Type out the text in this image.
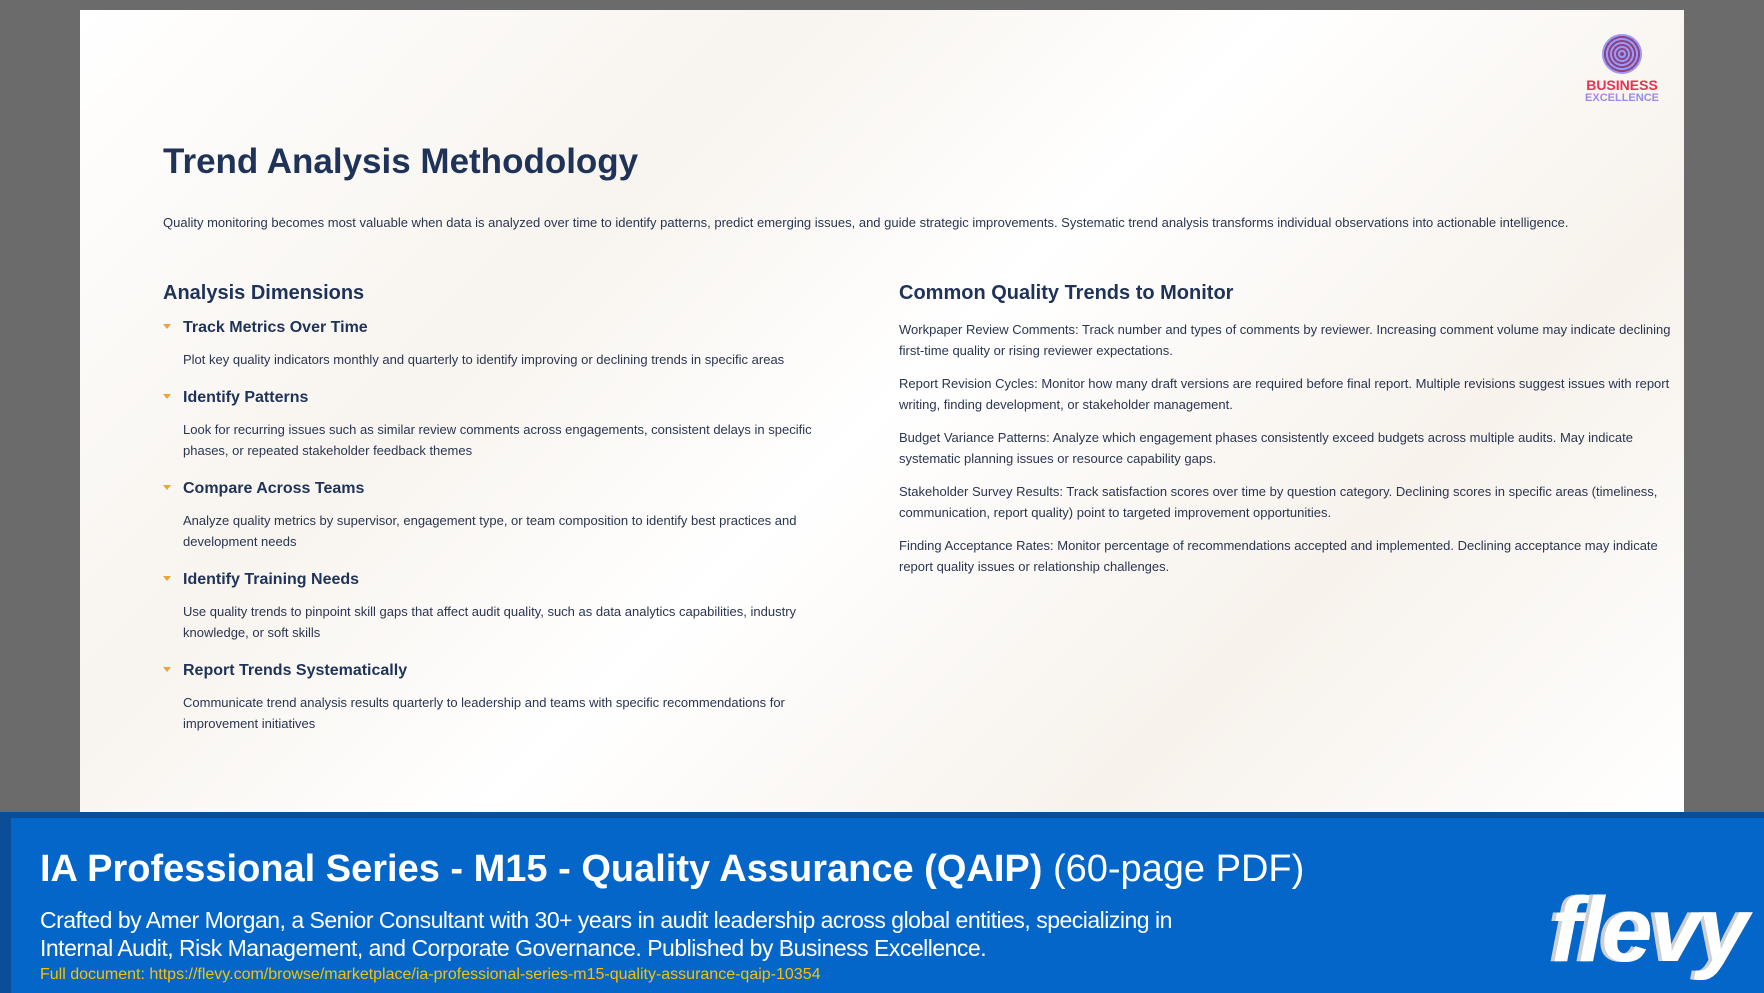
BUSINESS
EXCELLENCE
Trend Analysis Methodology

Quality monitoring becomes most valuable when data is analyzed over time to identify patterns, predict emerging issues, and guide strategic improvements. Systematic trend analysis transforms individual observations into actionable intelligence.

Analysis Dimensions
Track Metrics Over Time

Plot key quality indicators monthly and quarterly to identify improving or declining trends in specific areas

Identify Patterns

Look for recurring issues such as similar review comments across engagements, consistent delays in specific phases, or repeated stakeholder feedback themes

Compare Across Teams

Analyze quality metrics by supervisor, engagement type, or team composition to identify best practices and development needs

Identify Training Needs

Use quality trends to pinpoint skill gaps that affect audit quality, such as data analytics capabilities, industry knowledge, or soft skills

Report Trends Systematically

Communicate trend analysis results quarterly to leadership and teams with specific recommendations for improvement initiatives

Common Quality Trends to Monitor

Workpaper Review Comments: Track number and types of comments by reviewer. Increasing comment volume may indicate declining first-time quality or rising reviewer expectations.

Report Revision Cycles: Monitor how many draft versions are required before final report. Multiple revisions suggest issues with report writing, finding development, or stakeholder management.

Budget Variance Patterns: Analyze which engagement phases consistently exceed budgets across multiple audits. May indicate systematic planning issues or resource capability gaps.

Stakeholder Survey Results: Track satisfaction scores over time by question category. Declining scores in specific areas (timeliness, communication, report quality) point to targeted improvement opportunities.

Finding Acceptance Rates: Monitor percentage of recommendations accepted and implemented. Declining acceptance may indicate report quality issues or relationship challenges.

IA Professional Series - M15 - Quality Assurance (QAIP) (60-page PDF)

Crafted by Amer Morgan, a Senior Consultant with 30+ years in audit leadership across global entities, specializing in Internal Audit, Risk Management, and Corporate Governance. Published by Business Excellence.

Full document: https://flevy.com/browse/marketplace/ia-professional-series-m15-quality-assurance-qaip-10354	flevy
